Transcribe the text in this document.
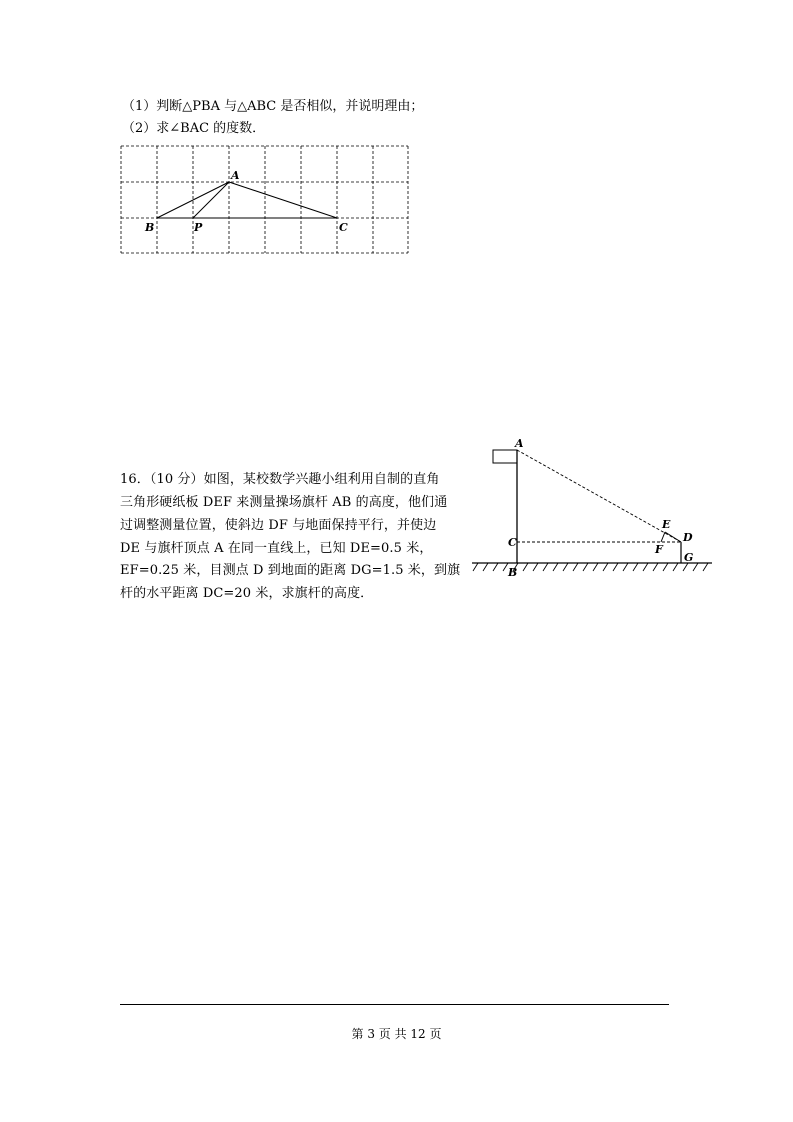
（1）判断△PBA 与△ABC 是否相似，并说明理由；
（2）求∠BAC 的度数．
A
B	P	C
16．（10 分）如图，某校数学兴趣小组利用自制的直角
三角形硬纸板 DEF 来测量操场旗杆 AB 的高度，他们通
过调整测量位置，使斜边 DF 与地面保持平行，并使边
DE 与旗杆顶点 A 在同一直线上，已知 DE=0.5 米，
EF=0.25 米，目测点 D 到地面的距离 DG=1.5 米，到旗
杆的水平距离 DC=20 米，求旗杆的高度．
A
C
B
E
D
F
G
第 3 页 共 12 页
